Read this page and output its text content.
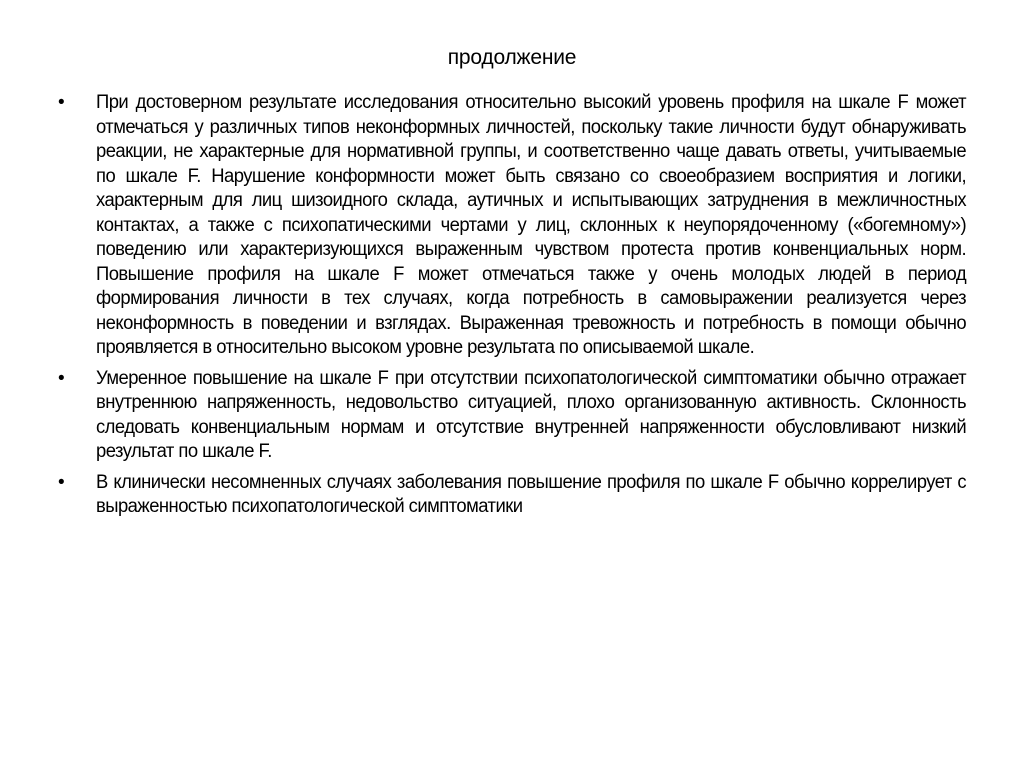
продолжение
• При достоверном результате исследования относительно высокий уровень профиля на шкале F может отмечаться у различных типов неконформных личностей, поскольку такие личности будут обнаруживать реакции, не характерные для нормативной группы, и соответственно чаще давать ответы, учитываемые по шкале F. Нарушение конформности может быть связано со своеобразием восприятия и логики, характерным для лиц шизоидного склада, аутичных и испытывающих затруднения в межличностных контактах, а также с психопатическими чертами у лиц, склонных к неупорядоченному («богемному») поведению или характеризующихся выраженным чувством протеста против конвенциальных норм. Повышение профиля на шкале F может отмечаться также у очень молодых людей в период формирования личности в тех случаях, когда потребность в самовыражении реализуется через неконформность в поведении и взглядах. Выраженная тревожность и потребность в помощи обычно проявляется в относительно высоком уровне результата по описываемой шкале.
• Умеренное повышение на шкале F при отсутствии психопатологической симптоматики обычно отражает внутреннюю напряженность, недовольство ситуацией, плохо организованную активность. Склонность следовать конвенциальным нормам и отсутствие внутренней напряженности обусловливают низкий результат по шкале F.
• В клинически несомненных случаях заболевания повышение профиля по шкале F обычно коррелирует с выраженностью психопатологической симптоматики
